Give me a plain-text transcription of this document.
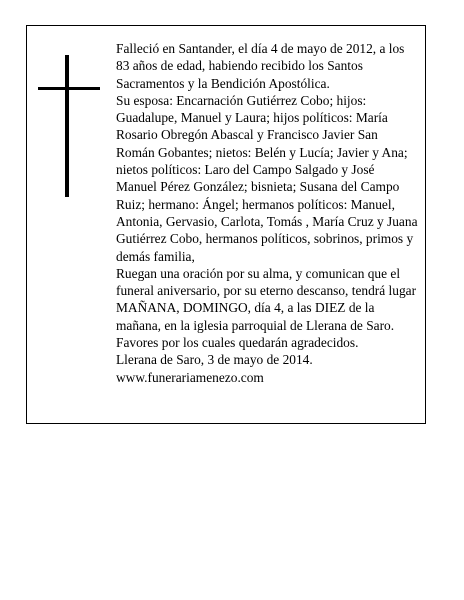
Falleció en Santander, el día 4 de mayo de 2012, a los 83 años de edad, habiendo recibido los Santos Sacramentos y la Bendición Apostólica.

Su esposa: Encarnación Gutiérrez Cobo; hijos: Guadalupe, Manuel y Laura; hijos políticos: María Rosario Obregón Abascal y Francisco Javier San Román Gobantes; nietos: Belén y Lucía; Javier y Ana; nietos políticos: Laro del Campo Salgado y José Manuel Pérez González; bisnieta; Susana del Campo Ruiz; hermano: Ángel; hermanos políticos: Manuel, Antonia, Gervasio, Carlota, Tomás , María Cruz y Juana Gutiérrez Cobo, hermanos políticos, sobrinos, primos y demás familia,

Ruegan una oración por su alma, y comunican que el funeral aniversario, por su eterno descanso, tendrá lugar MAÑANA, DOMINGO, día 4, a las DIEZ de la mañana, en la iglesia parroquial de Llerana de Saro.

Favores por los cuales quedarán agradecidos.

Llerana de Saro, 3 de mayo de 2014.

www.funerariamenezo.com
